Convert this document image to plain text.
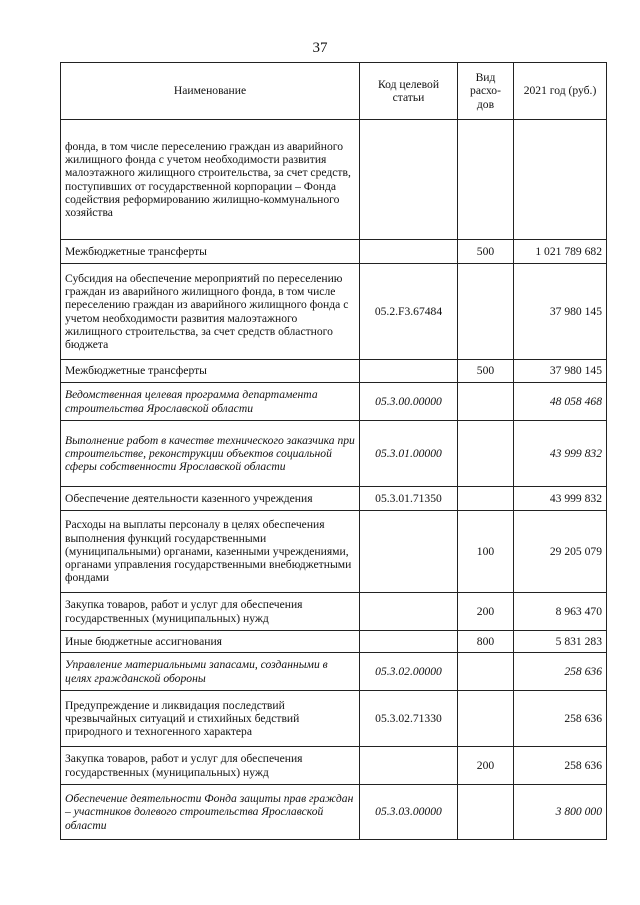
37
Наименование	Код целевой статьи	Вид расхо-дов	2021 год (руб.)
фонда, в том числе переселению граждан из аварийного жилищного фонда с учетом необходимости развития малоэтажного жилищного строительства, за счет средств, поступивших от государственной корпорации – Фонда содействия реформированию жилищно-коммунального хозяйства			
Межбюджетные трансферты		500	1 021 789 682
Субсидия на обеспечение мероприятий по переселению граждан из аварийного жилищного фонда, в том числе переселению граждан из аварийного жилищного фонда с учетом необходимости развития малоэтажного жилищного строительства, за счет средств областного бюджета	05.2.F3.67484		37 980 145
Межбюджетные трансферты		500	37 980 145
Ведомственная целевая программа департамента строительства Ярославской области	05.3.00.00000		48 058 468
Выполнение работ в качестве технического заказчика при строительстве, реконструкции объектов социальной сферы собственности Ярославской области	05.3.01.00000		43 999 832
Обеспечение деятельности казенного учреждения	05.3.01.71350		43 999 832
Расходы на выплаты персоналу в целях обеспечения выполнения функций государственными (муниципальными) органами, казенными учреждениями, органами управления государственными внебюджетными фондами		100	29 205 079
Закупка товаров, работ и услуг для обеспечения государственных (муниципальных) нужд		200	8 963 470
Иные бюджетные ассигнования		800	5 831 283
Управление материальными запасами, созданными в целях гражданской обороны	05.3.02.00000		258 636
Предупреждение и ликвидация последствий чрезвычайных ситуаций и стихийных бедствий природного и техногенного характера	05.3.02.71330		258 636
Закупка товаров, работ и услуг для обеспечения государственных (муниципальных) нужд		200	258 636
Обеспечение деятельности Фонда защиты прав граждан – участников долевого строительства Ярославской области	05.3.03.00000		3 800 000
